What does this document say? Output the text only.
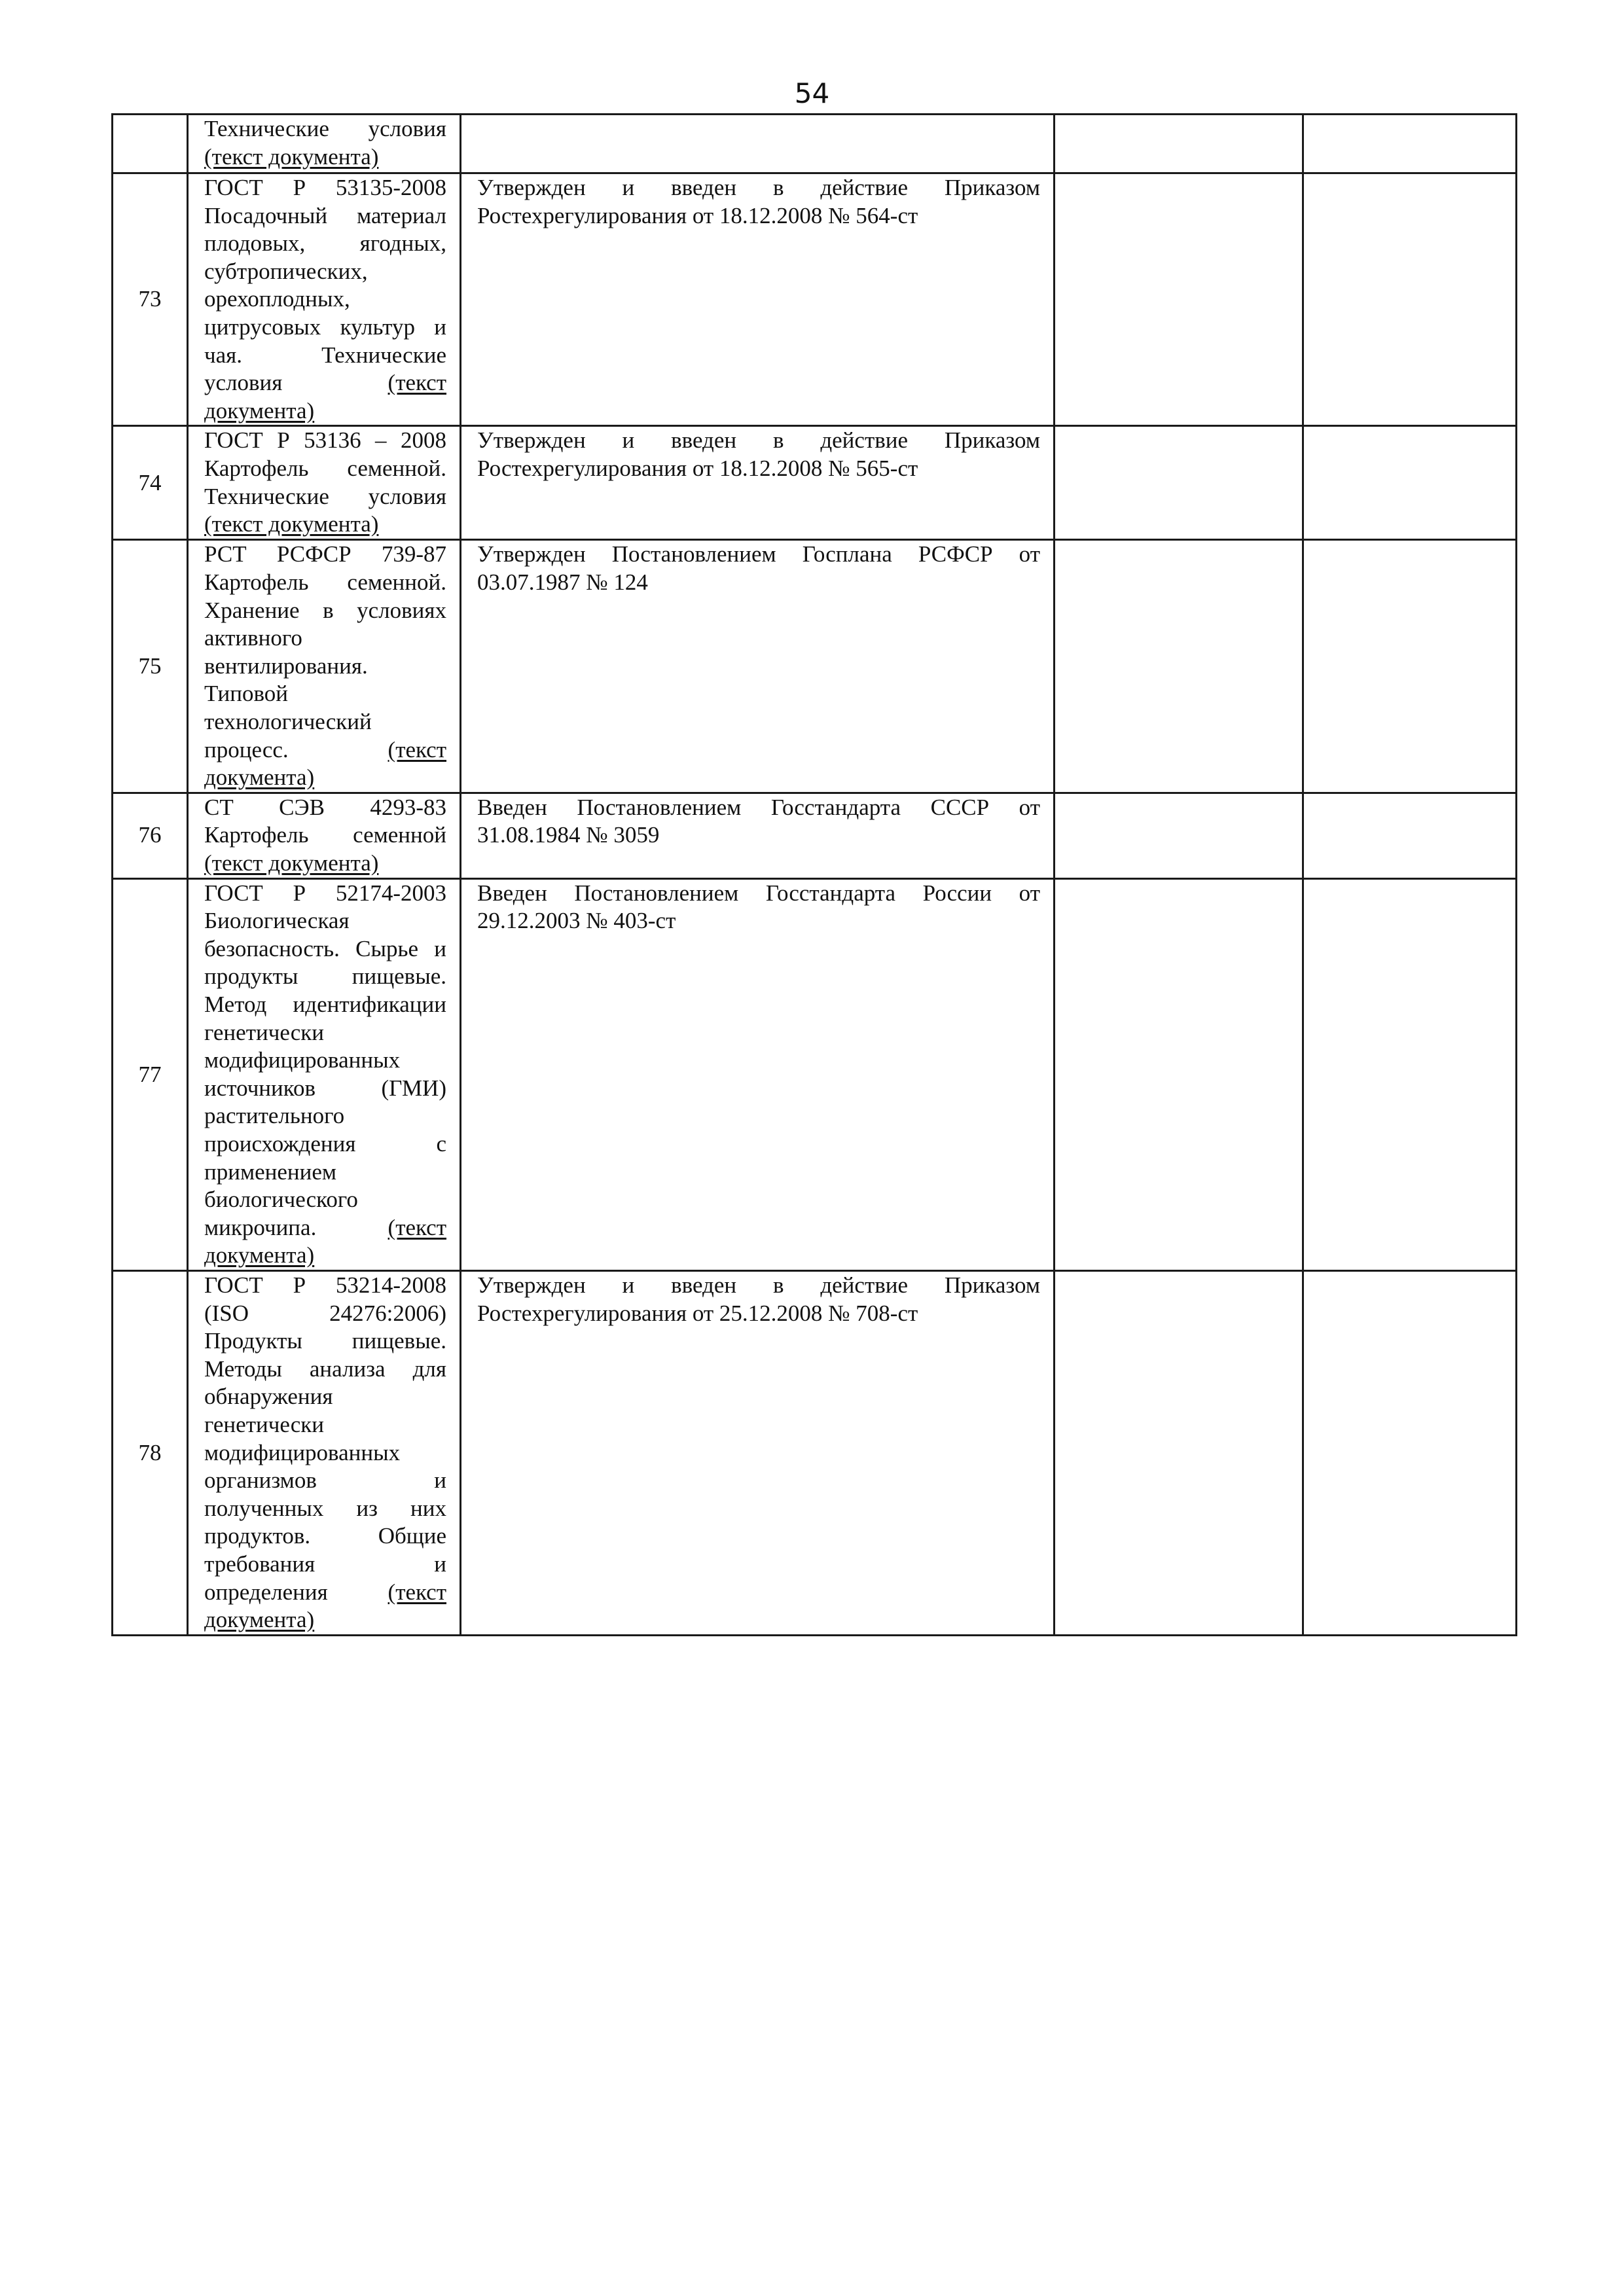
54
	Технические условия (текст документа)			
73	ГОСТ Р 53135-2008 Посадочный материал плодовых, ягодных, субтропических, орехоплодных, цитрусовых культур и чая. Технические условия (текст документа)	Утвержден и введен в действие Приказом Ростехрегулирования от 18.12.2008 № 564-ст		
74	ГОСТ Р 53136 – 2008 Картофель семенной. Технические условия (текст документа)	Утвержден и введен в действие Приказом Ростехрегулирования от 18.12.2008 № 565-ст		
75	РСТ РСФСР 739-87 Картофель семенной. Хранение в условиях активного вентилирования. Типовой технологический процесс. (текст документа)	Утвержден Постановлением Госплана РСФСР от 03.07.1987 № 124		
76	СТ СЭВ 4293-83 Картофель семенной (текст документа)	Введен Постановлением Госстандарта СССР от 31.08.1984 № 3059		
77	ГОСТ Р 52174-2003 Биологическая безопасность. Сырье и продукты пищевые. Метод идентификации генетически модифицированных источников (ГМИ) растительного происхождения с применением биологического микрочипа. (текст документа)	Введен Постановлением Госстандарта России от 29.12.2003 № 403-ст		
78	ГОСТ Р 53214-2008 (ISO 24276:2006) Продукты пищевые. Методы анализа для обнаружения генетически модифицированных организмов и полученных из них продуктов. Общие требования и определения (текст документа)	Утвержден и введен в действие Приказом Ростехрегулирования от 25.12.2008 № 708-ст		
